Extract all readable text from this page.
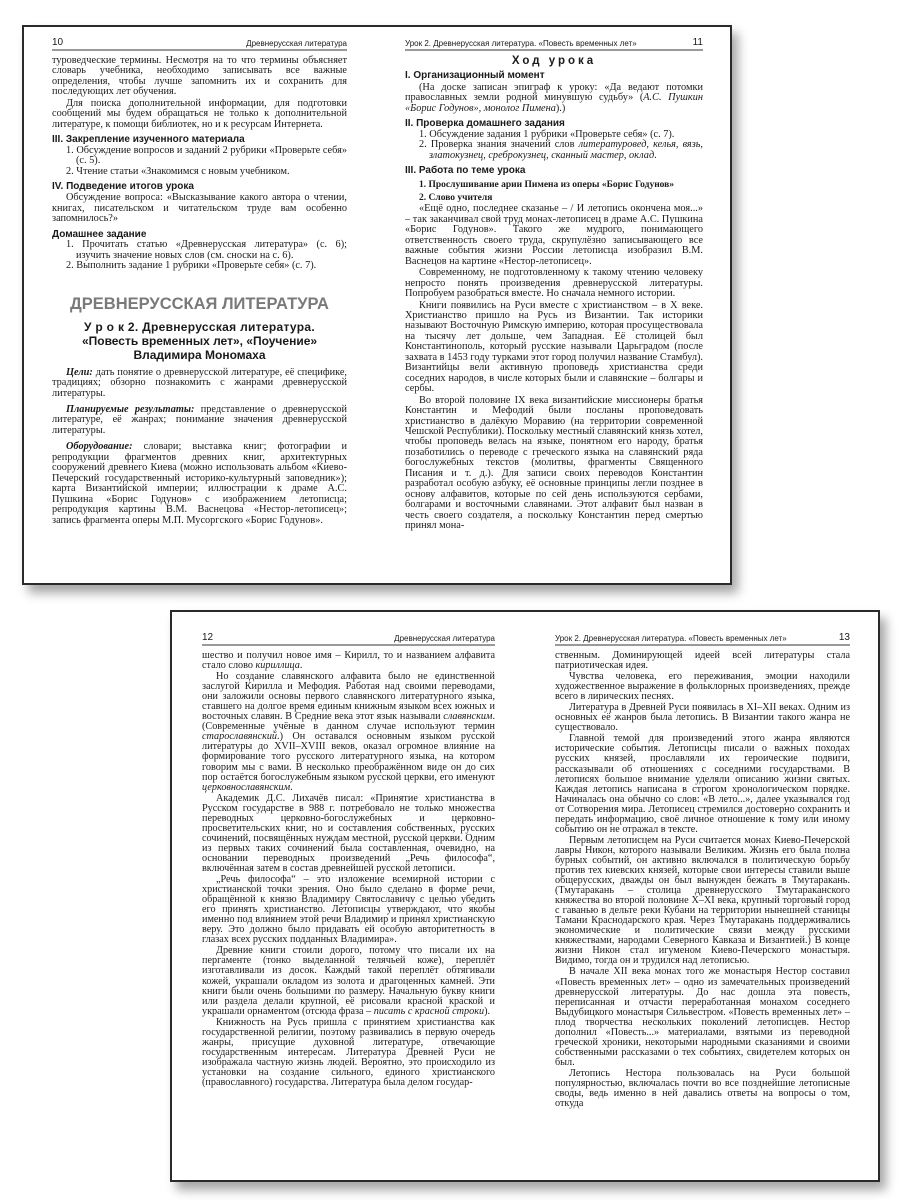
10	Древнерусская литература

туроведческие термины. Несмотря на то что термины объясняет словарь учебника, необходимо записывать все важные определения, чтобы лучше запомнить их и сохранить для последующих лет обучения.

Для поиска дополнительной информации, для подготовки сообщений мы будем обращаться не только к дополнительной литературе, к помощи библиотек, но и к ресурсам Интернета.

III. Закрепление изученного материала

1. Обсуждение вопросов и заданий 2 рубрики «Проверьте себя» (с. 5).

2. Чтение статьи «Знакомимся с новым учебником.

IV. Подведение итогов урока

Обсуждение вопроса: «Высказывание какого автора о чтении, книгах, писательском и читательском труде вам особенно запомнилось?»

Домашнее задание

1. Прочитать статью «Древнерусская литература» (с. 6); изучить значение новых слов (см. сноски на с. 6).

2. Выполнить задание 1 рубрики «Проверьте себя» (с. 7).

ДРЕВНЕРУССКАЯ ЛИТЕРАТУРА

У р о к 2. Древнерусская литература.

«Повесть временных лет», «Поучение»

Владимира Мономаха

Цели: дать понятие о древнерусской литературе, её специфике, традициях; обзорно познакомить с жанрами древнерусской литературы.

Планируемые результаты: представление о древнерусской литературе, её жанрах; понимание значения древнерусской литературы.

Оборудование: словари; выставка книг; фотографии и репродукции фрагментов древних книг, архитектурных сооружений древнего Киева (можно использовать альбом «Киево-Печерский государственный историко-культурный заповедник»); карта Византийской империи; иллюстрации к драме А.С. Пушкина «Борис Годунов» с изображением летописца; репродукция картины В.М. Васнецова «Нестор-летописец»; запись фрагмента оперы М.П. Мусоргского «Борис Годунов».

Урок 2. Древнерусская литература. «Повесть временных лет»	11

Ход урока

I. Организационный момент

(На доске записан эпиграф к уроку: «Да ведают потомки православных земли родной минувшую судьбу» (А.С. Пушкин «Борис Годунов», монолог Пимена).)

II. Проверка домашнего задания

1. Обсуждение задания 1 рубрики «Проверьте себя» (с. 7).

2. Проверка знания значений слов литературовед, келья, вязь, златокузнец, среброкузнец, сканный мастер, оклад.

III. Работа по теме урока

1. Прослушивание арии Пимена из оперы «Борис Годунов»

2. Слово учителя

«Ещё одно, последнее сказанье – / И летопись окончена моя...» – так заканчивал свой труд монах-летописец в драме А.С. Пушкина «Борис Годунов». Такого же мудрого, понимающего ответственность своего труда, скрупулёзно записывающего все важные события жизни России летописца изобразил В.М. Васнецов на картине «Нестор-летописец».

Современному, не подготовленному к такому чтению человеку непросто понять произведения древнерусской литературы. Попробуем разобраться вместе. Но сначала немного истории.

Книги появились на Руси вместе с христианством – в X веке. Христианство пришло на Русь из Византии. Так историки называют Восточную Римскую империю, которая просуществовала на тысячу лет дольше, чем Западная. Её столицей был Константинополь, который русские называли Царьградом (после захвата в 1453 году турками этот город получил название Стамбул). Византийцы вели активную проповедь христианства среди соседних народов, в числе которых были и славянские – болгары и сербы.

Во второй половине IX века византийские миссионеры братья Константин и Мефодий были посланы проповедовать христианство в далёкую Моравию (на территории современной Чешской Республики). Поскольку местный славянский князь хотел, чтобы проповедь велась на языке, понятном его народу, братья позаботились о переводе с греческого языка на славянский ряда богослужебных текстов (молитвы, фрагменты Священного Писания и т. д.). Для записи своих переводов Константин разработал особую азбуку, её основные принципы легли позднее в основу алфавитов, которые по сей день используются сербами, болгарами и восточными славянами. Этот алфавит был назван в честь своего создателя, а поскольку Константин перед смертью принял мона-

12	Древнерусская литература

шество и получил новое имя – Кирилл, то и названием алфавита стало слово кириллица.

Но создание славянского алфавита было не единственной заслугой Кирилла и Мефодия. Работая над своими переводами, они заложили основы первого славянского литературного языка, ставшего на долгое время единым книжным языком всех южных и восточных славян. В Средние века этот язык называли славянским. (Современные учёные в данном случае используют термин старославянский.) Он оставался основным языком русской литературы до XVII–XVIII веков, оказал огромное влияние на формирование того русского литературного языка, на котором говорим мы с вами. В несколько преображённом виде он до сих пор остаётся богослужебным языком русской церкви, его именуют церковнославянским.

Академик Д.С. Лихачёв писал: «Принятие христианства в Русском государстве в 988 г. потребовало не только множества переводных церковно-богослужебных и церковно-просветительских книг, но и составления собственных, русских сочинений, посвящённых нуждам местной, русской церкви. Одним из первых таких сочинений была составленная, очевидно, на основании переводных произведений „Речь философа“, включённая затем в состав древнейшей русской летописи.

„Речь философа“ – это изложение всемирной истории с христианской точки зрения. Оно было сделано в форме речи, обращённой к князю Владимиру Святославичу с целью убедить его принять христианство. Летописцы утверждают, что якобы именно под влиянием этой речи Владимир и принял христианскую веру. Это должно было придавать ей особую авторитетность в глазах всех русских подданных Владимира».

Древние книги стоили дорого, потому что писали их на пергаменте (тонко выделанной телячьей коже), переплёт изготавливали из досок. Каждый такой переплёт обтягивали кожей, украшали окладом из золота и драгоценных камней. Эти книги были очень большими по размеру. Начальную букву книги или раздела делали крупной, её рисовали красной краской и украшали орнаментом (отсюда фраза – писать с красной строки).

Книжность на Русь пришла с принятием христианства как государственной религии, поэтому развивались в первую очередь жанры, присущие духовной литературе, отвечающие государственным интересам. Литература Древней Руси не изображала частную жизнь людей. Вероятно, это происходило из установки на создание сильного, единого христианского (православного) государства. Литература была делом государ-

Урок 2. Древнерусская литература. «Повесть временных лет»	13

ственным. Доминирующей идеей всей литературы стала патриотическая идея.

Чувства человека, его переживания, эмоции находили художественное выражение в фольклорных произведениях, прежде всего в лирических песнях.

Литература в Древней Руси появилась в XI–XII веках. Одним из основных её жанров была летопись. В Византии такого жанра не существовало.

Главной темой для произведений этого жанра являются исторические события. Летописцы писали о важных походах русских князей, прославляли их героические подвиги, рассказывали об отношениях с соседними государствами. В летописях большое внимание уделяли описанию жизни святых. Каждая летопись написана в строгом хронологическом порядке. Начиналась она обычно со слов: «В лето...», далее указывался год от Сотворения мира. Летописец стремился достоверно сохранить и передать информацию, своё личное отношение к тому или иному событию он не отражал в тексте.

Первым летописцем на Руси считается монах Киево-Печерской лавры Никон, которого называли Великим. Жизнь его была полна бурных событий, он активно включался в политическую борьбу против тех киевских князей, которые свои интересы ставили выше общерусских, дважды он был вынужден бежать в Тмутаракань. (Тмутаракань – столица древнерусского Тмутараканского княжества во второй половине X–XI века, крупный торговый город с гаванью в дельте реки Кубани на территории нынешней станицы Тамани Краснодарского края. Через Тмутаракань поддерживались экономические и политические связи между русскими княжествами, народами Северного Кавказа и Византией.) В конце жизни Никон стал игуменом Киево-Печерского монастыря. Видимо, тогда он и трудился над летописью.

В начале XII века монах того же монастыря Нестор составил «Повесть временных лет» – одно из замечательных произведений древнерусской литературы. До нас дошла эта повесть, переписанная и отчасти переработанная монахом соседнего Выдубицкого монастыря Сильвестром. «Повесть временных лет» – плод творчества нескольких поколений летописцев. Нестор дополнил «Повесть...» материалами, взятыми из переводной греческой хроники, некоторыми народными сказаниями и своими собственными рассказами о тех событиях, свидетелем которых он был.

Летопись Нестора пользовалась на Руси большой популярностью, включалась почти во все позднейшие летописные своды, ведь именно в ней давались ответы на вопросы о том, откуда
